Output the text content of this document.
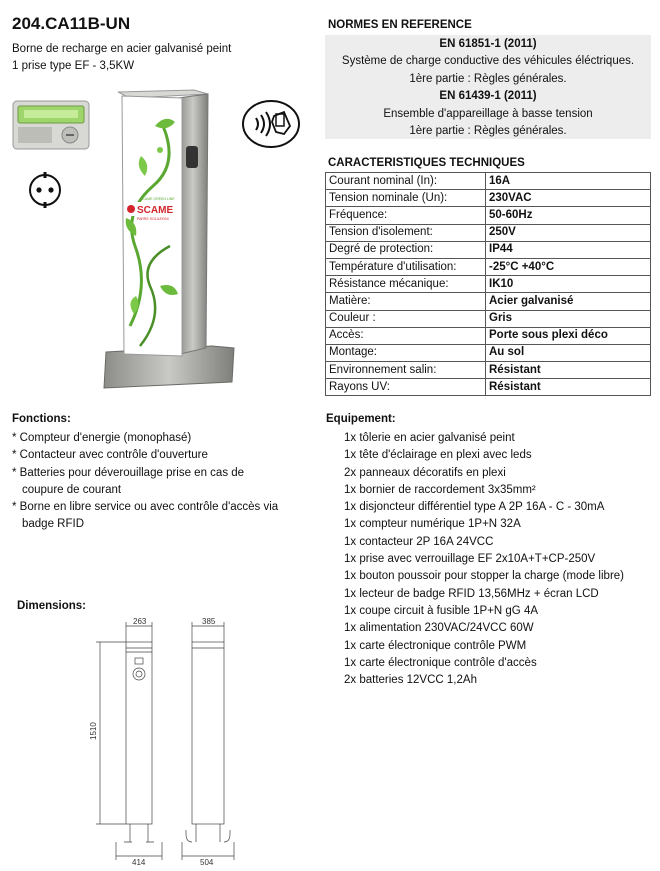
204.CA11B-UN
Borne de recharge en acier galvanisé peint
1 prise type EF - 3,5KW
NORMES EN REFERENCE
EN 61851-1 (2011)
Système de charge conductive des véhicules éléctriques.
1ère partie : Règles générales.
EN 61439-1 (2011)
Ensemble d'appareillage à basse tension
1ère partie : Règles générales.
CARACTERISTIQUES TECHNIQUES
Courant nominal (In):	16A
Tension nominale (Un):	230VAC
Fréquence:	50-60Hz
Tension d'isolement:	250V
Degré de protection:	IP44
Température d'utilisation:	-25°C +40°C
Résistance mécanique:	IK10
Matière:	Acier galvanisé
Couleur :	Gris
Accès:	Porte sous plexi déco
Montage:	Au sol
Environnement salin:	Résistant
Rayons UV:	Résistant
SCAME
PARRE SOLUZIONI
SCAME GREEN LINE
Fonctions:
* Compteur d'energie (monophasé)
* Contacteur avec contrôle d'ouverture
* Batteries pour déverouillage prise en cas de coupure de courant
* Borne en libre service ou avec contrôle d'accès via badge RFID
Equipement:
1x tôlerie en acier galvanisé peint
1x tête d'éclairage en plexi avec leds
2x panneaux décoratifs en plexi
1x bornier de raccordement 3x35mm²
1x disjoncteur différentiel type A 2P 16A - C - 30mA
1x compteur numérique 1P+N 32A
1x contacteur 2P 16A 24VCC
1x prise avec verrouillage EF 2x10A+T+CP-250V
1x bouton poussoir pour stopper la charge (mode libre)
1x lecteur de badge RFID 13,56MHz + écran LCD
1x coupe circuit à fusible 1P+N gG 4A
1x alimentation 230VAC/24VCC 60W
1x carte électronique contrôle PWM
1x carte électronique contrôle d'accès
2x batteries 12VCC 1,2Ah
Dimensions:
263	385
1510
414	504
